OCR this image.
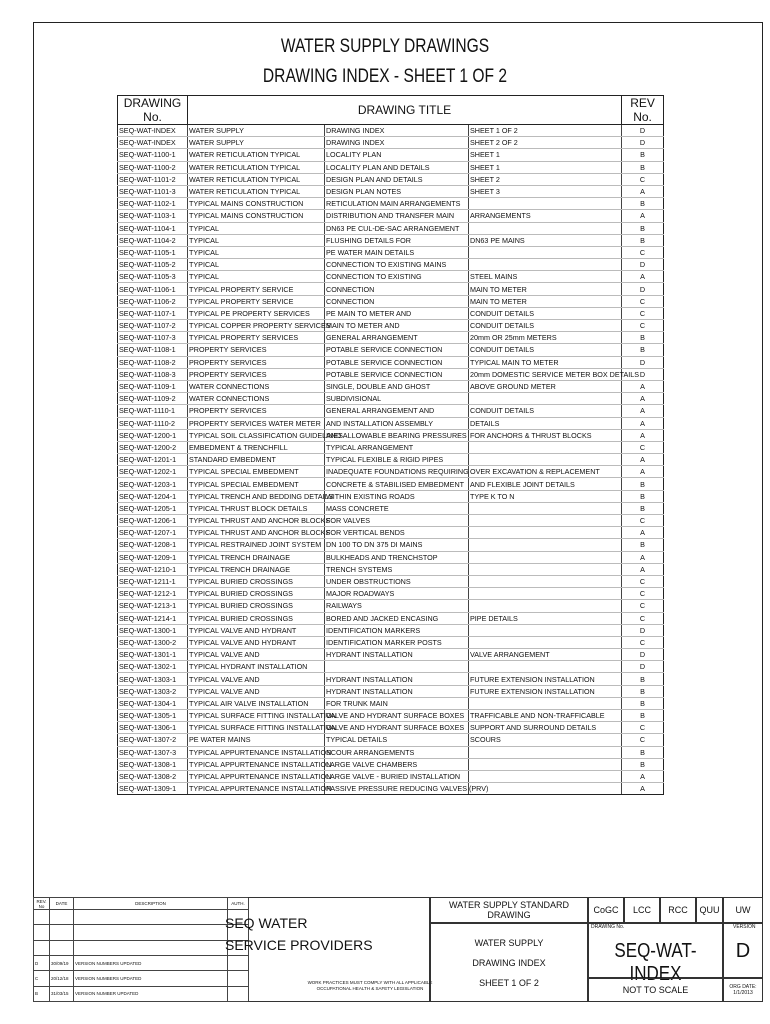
WATER SUPPLY DRAWINGS
DRAWING INDEX - SHEET 1 OF 2
DRAWING No.	DRAWING TITLE			REV No.
SEQ-WAT-INDEX	WATER SUPPLY	DRAWING INDEX	SHEET 1 OF 2	D
SEQ-WAT-INDEX	WATER SUPPLY	DRAWING INDEX	SHEET 2 OF 2	D
SEQ-WAT-1100-1	WATER RETICULATION TYPICAL	LOCALITY PLAN	SHEET 1	B
SEQ-WAT-1100-2	WATER RETICULATION TYPICAL	LOCALITY PLAN AND DETAILS	SHEET 1	B
SEQ-WAT-1101-2	WATER RETICULATION TYPICAL	DESIGN PLAN AND DETAILS	SHEET 2	C
SEQ-WAT-1101-3	WATER RETICULATION TYPICAL	DESIGN PLAN NOTES	SHEET 3	A
SEQ-WAT-1102-1	TYPICAL MAINS CONSTRUCTION	RETICULATION MAIN ARRANGEMENTS		B
SEQ-WAT-1103-1	TYPICAL MAINS CONSTRUCTION	DISTRIBUTION AND TRANSFER MAIN	ARRANGEMENTS	A
SEQ-WAT-1104-1	TYPICAL	DN63 PE CUL-DE-SAC ARRANGEMENT		B
SEQ-WAT-1104-2	TYPICAL	FLUSHING DETAILS FOR	DN63 PE MAINS	B
SEQ-WAT-1105-1	TYPICAL	PE WATER MAIN DETAILS		C
SEQ-WAT-1105-2	TYPICAL	CONNECTION TO EXISTING MAINS		D
SEQ-WAT-1105-3	TYPICAL	CONNECTION TO EXISTING	STEEL MAINS	A
SEQ-WAT-1106-1	TYPICAL PROPERTY SERVICE	CONNECTION	MAIN TO METER	D
SEQ-WAT-1106-2	TYPICAL PROPERTY SERVICE	CONNECTION	MAIN TO METER	C
SEQ-WAT-1107-1	TYPICAL PE PROPERTY SERVICES	PE MAIN TO METER AND	CONDUIT DETAILS	C
SEQ-WAT-1107-2	TYPICAL COPPER PROPERTY SERVICES	MAIN TO METER AND	CONDUIT DETAILS	C
SEQ-WAT-1107-3	TYPICAL PROPERTY SERVICES	GENERAL ARRANGEMENT	20mm OR 25mm METERS	B
SEQ-WAT-1108-1	PROPERTY SERVICES	POTABLE SERVICE CONNECTION	CONDUIT DETAILS	B
SEQ-WAT-1108-2	PROPERTY SERVICES	POTABLE SERVICE CONNECTION	TYPICAL MAIN TO METER	D
SEQ-WAT-1108-3	PROPERTY SERVICES	POTABLE SERVICE CONNECTION	20mm DOMESTIC SERVICE METER BOX DETAILS	D
SEQ-WAT-1109-1	WATER CONNECTIONS	SINGLE, DOUBLE AND GHOST	ABOVE GROUND METER	A
SEQ-WAT-1109-2	WATER CONNECTIONS	SUBDIVISIONAL		A
SEQ-WAT-1110-1	PROPERTY SERVICES	GENERAL ARRANGEMENT AND	CONDUIT DETAILS	A
SEQ-WAT-1110-2	PROPERTY SERVICES WATER METER	AND INSTALLATION ASSEMBLY	DETAILS	A
SEQ-WAT-1200-1	TYPICAL SOIL CLASSIFICATION GUIDELINES	AND ALLOWABLE BEARING PRESSURES	FOR ANCHORS & THRUST BLOCKS	A
SEQ-WAT-1200-2	EMBEDMENT & TRENCHFILL	TYPICAL ARRANGEMENT		C
SEQ-WAT-1201-1	STANDARD EMBEDMENT	TYPICAL FLEXIBLE & RIGID PIPES		A
SEQ-WAT-1202-1	TYPICAL SPECIAL EMBEDMENT	INADEQUATE FOUNDATIONS REQUIRING	OVER EXCAVATION & REPLACEMENT	A
SEQ-WAT-1203-1	TYPICAL SPECIAL EMBEDMENT	CONCRETE & STABILISED EMBEDMENT	AND FLEXIBLE JOINT DETAILS	B
SEQ-WAT-1204-1	TYPICAL TRENCH AND BEDDING DETAILS	WITHIN EXISTING ROADS	TYPE K TO N	B
SEQ-WAT-1205-1	TYPICAL THRUST BLOCK DETAILS	MASS CONCRETE		B
SEQ-WAT-1206-1	TYPICAL THRUST AND ANCHOR BLOCKS	FOR VALVES		C
SEQ-WAT-1207-1	TYPICAL THRUST AND ANCHOR BLOCKS	FOR VERTICAL BENDS		A
SEQ-WAT-1208-1	TYPICAL RESTRAINED JOINT SYSTEM	DN 100 TO DN 375 DI MAINS		B
SEQ-WAT-1209-1	TYPICAL TRENCH DRAINAGE	BULKHEADS AND TRENCHSTOP		A
SEQ-WAT-1210-1	TYPICAL TRENCH DRAINAGE	TRENCH SYSTEMS		A
SEQ-WAT-1211-1	TYPICAL BURIED CROSSINGS	UNDER OBSTRUCTIONS		C
SEQ-WAT-1212-1	TYPICAL BURIED CROSSINGS	MAJOR ROADWAYS		C
SEQ-WAT-1213-1	TYPICAL BURIED CROSSINGS	RAILWAYS		C
SEQ-WAT-1214-1	TYPICAL BURIED CROSSINGS	BORED AND JACKED ENCASING	PIPE DETAILS	C
SEQ-WAT-1300-1	TYPICAL VALVE AND HYDRANT	IDENTIFICATION MARKERS		D
SEQ-WAT-1300-2	TYPICAL VALVE AND HYDRANT	IDENTIFICATION MARKER POSTS		C
SEQ-WAT-1301-1	TYPICAL VALVE AND	HYDRANT INSTALLATION	VALVE ARRANGEMENT	D
SEQ-WAT-1302-1	TYPICAL HYDRANT INSTALLATION			D
SEQ-WAT-1303-1	TYPICAL VALVE AND	HYDRANT INSTALLATION	FUTURE EXTENSION INSTALLATION	B
SEQ-WAT-1303-2	TYPICAL VALVE AND	HYDRANT INSTALLATION	FUTURE EXTENSION INSTALLATION	B
SEQ-WAT-1304-1	TYPICAL AIR VALVE INSTALLATION	FOR TRUNK MAIN		B
SEQ-WAT-1305-1	TYPICAL SURFACE FITTING INSTALLATION	VALVE AND HYDRANT SURFACE BOXES	TRAFFICABLE AND NON-TRAFFICABLE	B
SEQ-WAT-1306-1	TYPICAL SURFACE FITTING INSTALLATION	VALVE AND HYDRANT SURFACE BOXES	SUPPORT AND SURROUND DETAILS	C
SEQ-WAT-1307-2	PE WATER MAINS	TYPICAL DETAILS	SCOURS	C
SEQ-WAT-1307-3	TYPICAL APPURTENANCE INSTALLATION	SCOUR ARRANGEMENTS		B
SEQ-WAT-1308-1	TYPICAL APPURTENANCE INSTALLATION	LARGE VALVE CHAMBERS		B
SEQ-WAT-1308-2	TYPICAL APPURTENANCE INSTALLATION	LARGE VALVE - BURIED INSTALLATION		A
SEQ-WAT-1309-1	TYPICAL APPURTENANCE INSTALLATION	PASSIVE PRESSURE REDUCING VALVES (PRV)		A
REV. No	DATE	DESCRIPTION	AUTH.

D	30/09/19	VERSION NUMBERS UPDATED	
C	20/12/18	VERSION NUMBERS UPDATED	
B	31/03/15	VERSION NUMBER UPDATED	
SEQ WATER
SERVICE PROVIDERS
WORK PRACTICES MUST COMPLY WITH ALL APPLICABLE OCCUPATIONAL HEALTH & SAFETY LEGISLATION
WATER SUPPLY STANDARD DRAWING
WATER SUPPLY
DRAWING INDEX
SHEET 1 OF 2
CoGC	LCC	RCC	QUU	UW
DRAWING No.
SEQ-WAT-INDEX
VERSION
D
NOT TO SCALE	ORG DATE:
1/1/2013
